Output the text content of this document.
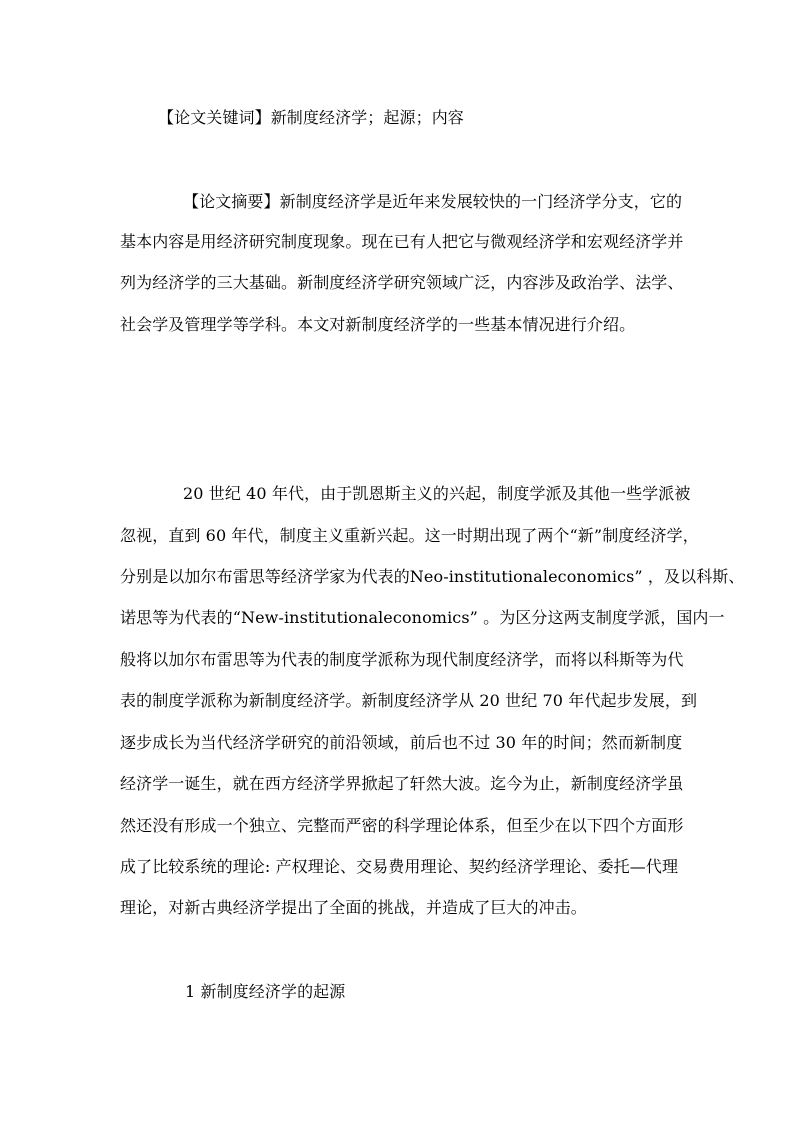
【论文关键词】新制度经济学；起源；内容
【论文摘要】新制度经济学是近年来发展较快的一门经济学分支，它的
基本内容是用经济研究制度现象。现在已有人把它与微观经济学和宏观经济学并
列为经济学的三大基础。新制度经济学研究领域广泛，内容涉及政治学、法学、
社会学及管理学等学科。本文对新制度经济学的一些基本情况进行介绍。
20 世纪 40 年代，由于凯恩斯主义的兴起，制度学派及其他一些学派被
忽视，直到 60 年代，制度主义重新兴起。这一时期出现了两个“新”制度经济学，
分别是以加尔布雷思等经济学家为代表的Neo-institutionaleconomics” ，及以科斯、
诺思等为代表的“New-institutionaleconomics” 。为区分这两支制度学派，国内一
般将以加尔布雷思等为代表的制度学派称为现代制度经济学，而将以科斯等为代
表的制度学派称为新制度经济学。新制度经济学从 20 世纪 70 年代起步发展，到
逐步成长为当代经济学研究的前沿领域，前后也不过 30 年的时间；然而新制度
经济学一诞生，就在西方经济学界掀起了轩然大波。迄今为止，新制度经济学虽
然还没有形成一个独立、完整而严密的科学理论体系，但至少在以下四个方面形
成了比较系统的理论: 产权理论、交易费用理论、契约经济学理论、委托—代理
理论，对新古典经济学提出了全面的挑战，并造成了巨大的冲击。
1 新制度经济学的起源
